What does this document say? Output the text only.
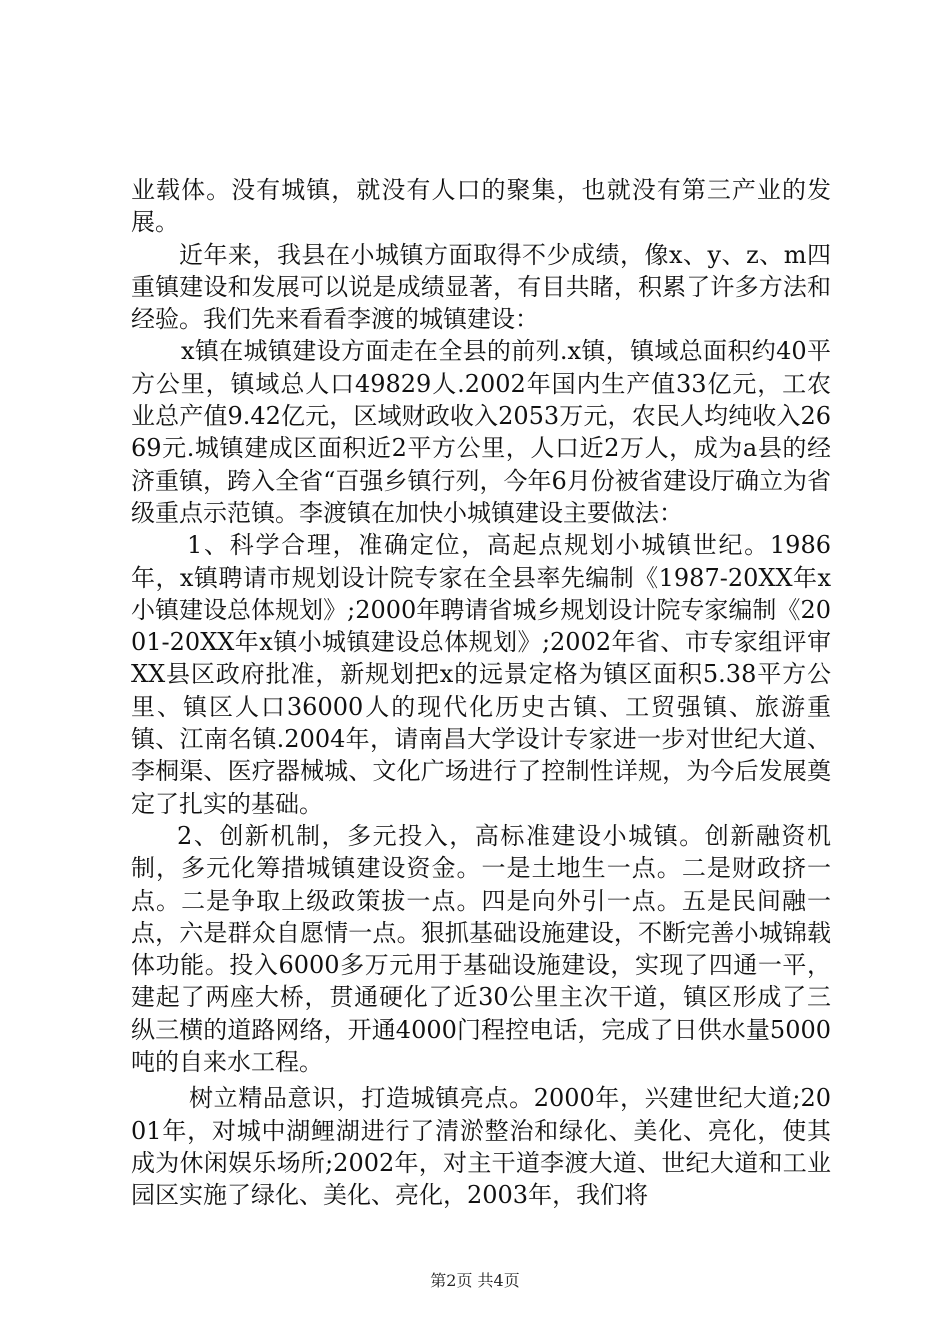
业载体。没有城镇，就没有人口的聚集，也就没有第三产业的发展。

近年来，我县在小城镇方面取得不少成绩，像x、y、z、m四重镇建设和发展可以说是成绩显著，有目共睹，积累了许多方法和经验。我们先来看看李渡的城镇建设：

x镇在城镇建设方面走在全县的前列.x镇，镇域总面积约40平方公里，镇域总人口49829人.2002年国内生产值33亿元，工农业总产值9.42亿元，区域财政收入2053万元，农民人均纯收入2669元.城镇建成区面积近2平方公里，人口近2万人，成为a县的经济重镇，跨入全省“百强乡镇行列，今年6月份被省建设厅确立为省级重点示范镇。李渡镇在加快小城镇建设主要做法：

1、科学合理，准确定位，高起点规划小城镇世纪。1986年，x镇聘请市规划设计院专家在全县率先编制《1987-20XX年x小镇建设总体规划》;2000年聘请省城乡规划设计院专家编制《2001-20XX年x镇小城镇建设总体规划》;2002年省、市专家组评审XX县区政府批准，新规划把x的远景定格为镇区面积5.38平方公里、镇区人口36000人的现代化历史古镇、工贸强镇、旅游重镇、江南名镇.2004年，请南昌大学设计专家进一步对世纪大道、李桐渠、医疗器械城、文化广场进行了控制性详规，为今后发展奠定了扎实的基础。

2、创新机制，多元投入，高标准建设小城镇。创新融资机制，多元化筹措城镇建设资金。一是土地生一点。二是财政挤一点。二是争取上级政策拔一点。四是向外引一点。五是民间融一点，六是群众自愿情一点。狠抓基础设施建设，不断完善小城锦载体功能。投入6000多万元用于基础设施建设，实现了四通一平，建起了两座大桥，贯通硬化了近30公里主次干道，镇区形成了三纵三横的道路网络，开通4000门程控电话，完成了日供水量5000吨的自来水工程。

树立精品意识，打造城镇亮点。2000年，兴建世纪大道;2001年，对城中湖鲤湖进行了清淤整治和绿化、美化、亮化，使其成为休闲娱乐场所;2002年，对主干道李渡大道、世纪大道和工业园区实施了绿化、美化、亮化，2003年，我们将

第2页 共4页
